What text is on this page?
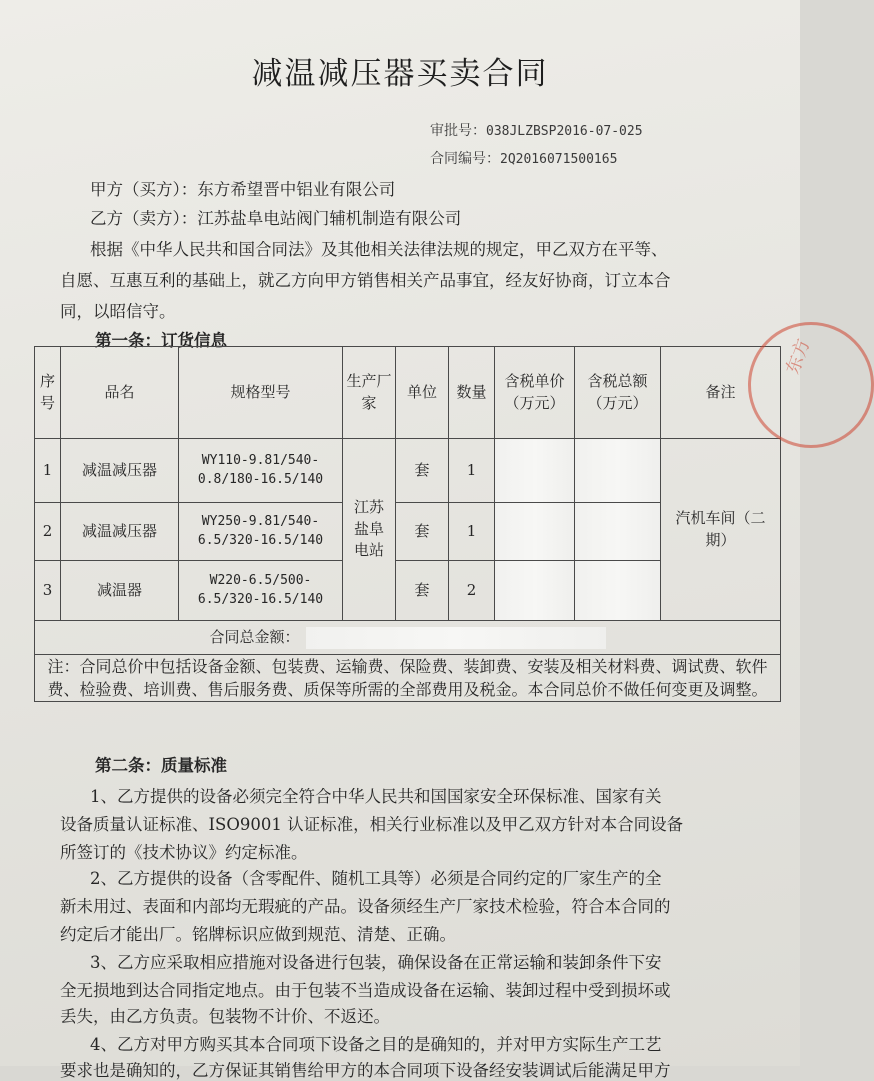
减温减压器买卖合同
审批号：038JLZBSP2016-07-025
合同编号：2Q2016071500165
甲方（买方）：东方希望晋中铝业有限公司
乙方（卖方）：江苏盐阜电站阀门辅机制造有限公司
根据《中华人民共和国合同法》及其他相关法律法规的规定，甲乙双方在平等、
自愿、互惠互利的基础上，就乙方向甲方销售相关产品事宜，经友好协商，订立本合
同，以昭信守。
第一条：订货信息
序号	品名	规格型号	生产厂家	单位	数量	含税单价（万元）	含税总额（万元）	备注
1	减温减压器	WY110-9.81/540-0.8/180-16.5/140	江苏盐阜电站	套	1			汽机车间（二期）
2	减温减压器	WY250-9.81/540-6.5/320-16.5/140		套	1			
3	减温器	W220-6.5/500-6.5/320-16.5/140		套	2			
合同总金额：								
注：合同总价中包括设备金额、包装费、运输费、保险费、装卸费、安装及相关材料费、调试费、软件费、检验费、培训费、售后服务费、质保等所需的全部费用及税金。本合同总价不做任何变更及调整。								
第二条：质量标准
1、乙方提供的设备必须完全符合中华人民共和国国家安全环保标准、国家有关
设备质量认证标准、ISO9001 认证标准，相关行业标准以及甲乙双方针对本合同设备
所签订的《技术协议》约定标准。
2、乙方提供的设备（含零配件、随机工具等）必须是合同约定的厂家生产的全
新未用过、表面和内部均无瑕疵的产品。设备须经生产厂家技术检验，符合本合同的
约定后才能出厂。铭牌标识应做到规范、清楚、正确。
3、乙方应采取相应措施对设备进行包装，确保设备在正常运输和装卸条件下安
全无损地到达合同指定地点。由于包装不当造成设备在运输、装卸过程中受到损坏或
丢失，由乙方负责。包装物不计价、不返还。
4、乙方对甲方购买其本合同项下设备之目的是确知的，并对甲方实际生产工艺
要求也是确知的，乙方保证其销售给甲方的本合同项下设备经安装调试后能满足甲方
东方
